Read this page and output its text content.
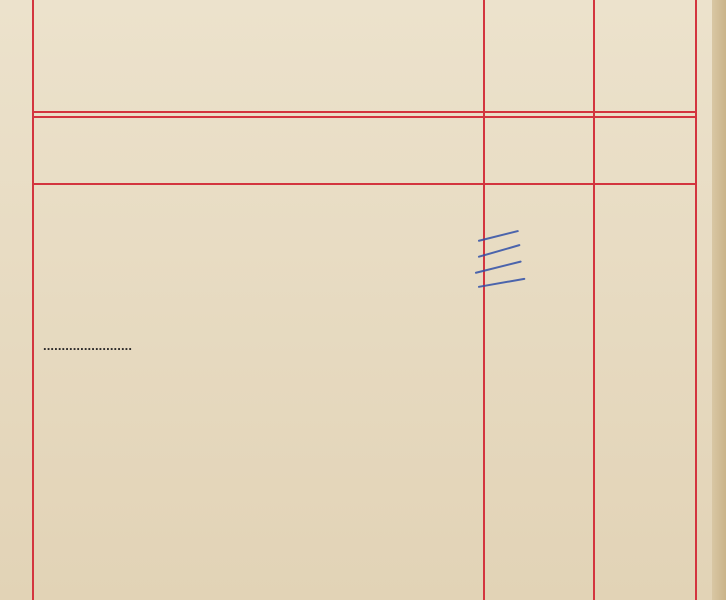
........................
